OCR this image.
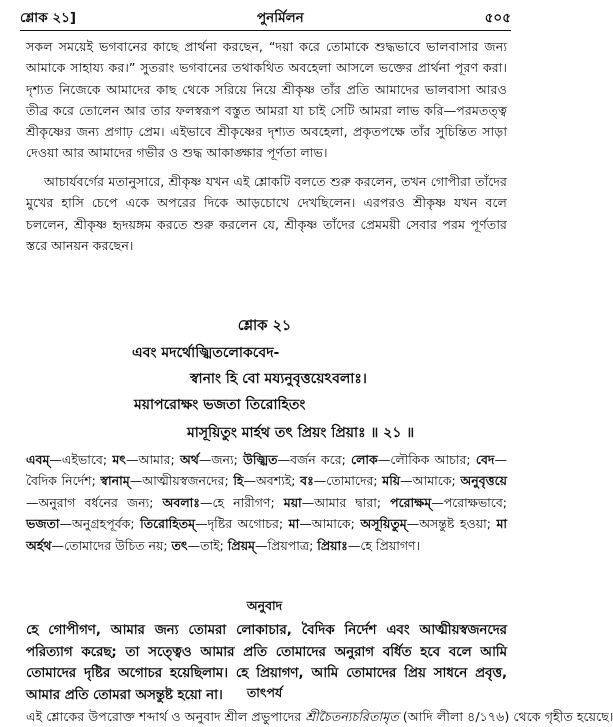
শ্লোক ২১]	পুনর্মিলন	৫০৫

সকল সময়েই ভগবানের কাছে প্রার্থনা করছেন, “দয়া করে তোমাকে শুদ্ধভাবে ভালবাসার জন্য আমাকে সাহায্য কর।” সুতরাং ভগবানের তথাকথিত অবহেলা আসলে ভক্তের প্রার্থনা পূরণ করা। দৃশ্যত নিজেকে আমাদের কাছ থেকে সরিয়ে নিয়ে শ্রীকৃষ্ণ তাঁর প্রতি আমাদের ভালবাসা আরও তীব্র করে তোলেন আর তার ফলস্বরূপ বস্তুত আমরা যা চাই সেটি আমরা লাভ করি—পরমতত্ত্ব শ্রীকৃষ্ণের জন্য প্রগাঢ় প্রেম। এইভাবে শ্রীকৃষ্ণের দৃশ্যত অবহেলা, প্রকৃতপক্ষে তাঁর সুচিন্তিত সাড়া দেওয়া আর আমাদের গভীর ও শুদ্ধ আকাঙ্ক্ষার পূর্ণতা লাভ।

আচার্যবর্গের মতানুসারে, শ্রীকৃষ্ণ যখন এই শ্লোকটি বলতে শুরু করলেন, তখন গোপীরা তাঁদের মুখের হাসি চেপে একে অপরের দিকে আড়চোখে দেখছিলেন। এরপরও শ্রীকৃষ্ণ যখন বলে চললেন, শ্রীকৃষ্ণ হৃদয়ঙ্গম করতে শুরু করলেন যে, শ্রীকৃষ্ণ তাঁদের প্রেমময়ী সেবার পরম পূর্ণতার স্তরে আনয়ন করছেন।

শ্লোক ২১
এবং মদর্থোজ্ঝিতলোকবেদ-
স্বানাং হি বো ময্যনুবৃত্তয়েঽবলাঃ।
ময়াপরোক্ষং ভজতা তিরোহিতং
মাসূয়িতুং মার্হথ তৎ প্রিয়ং প্রিয়াঃ ॥ ২১ ॥

এবম্—এইভাবে; মৎ—আমার; অর্থ—জন্য; উজ্ঝিত—বর্জন করে; লোক—লৌকিক আচার; বেদ—বৈদিক নির্দেশ; স্বানাম্—আত্মীয়স্বজনদের; হি—অবশ্যই; বঃ—তোমাদের; ময়ি—আমাকে; অনুবৃত্তয়ে—অনুরাগ বর্ধনের জন্য; অবলাঃ—হে নারীগণ; ময়া—আমার দ্বারা; পরোক্ষম্—পরোক্ষভাবে; ভজতা—অনুগ্রহপূর্বক; তিরোহিতম্—দৃষ্টির অগোচর; মা—আমাকে; অসূয়িতুম্—অসন্তুষ্ট হওয়া; মা অর্হথ—তোমাদের উচিত নয়; তৎ—তাই; প্রিয়ম্—প্রিয়পাত্র; প্রিয়াঃ—হে প্রিয়াগণ।

অনুবাদ

হে গোপীগণ, আমার জন্য তোমরা লোকাচার, বৈদিক নির্দেশ এবং আত্মীয়স্বজনদের পরিত্যাগ করেছ; তা সত্ত্বেও আমার প্রতি তোমাদের অনুরাগ বর্ধিত হবে বলে আমি তোমাদের দৃষ্টির অগোচর হয়েছিলাম। হে প্রিয়াগণ, আমি তোমাদের প্রিয় সাধনে প্রবৃত্ত, আমার প্রতি তোমরা অসন্তুষ্ট হয়ো না।	তাৎপর্য

এই শ্লোকের উপরোক্ত শব্দার্থ ও অনুবাদ শ্রীল প্রভুপাদের শ্রীচৈতন্যচরিতামৃত (আদি লীলা ৪/১৭৬) থেকে গৃহীত হয়েছে।
